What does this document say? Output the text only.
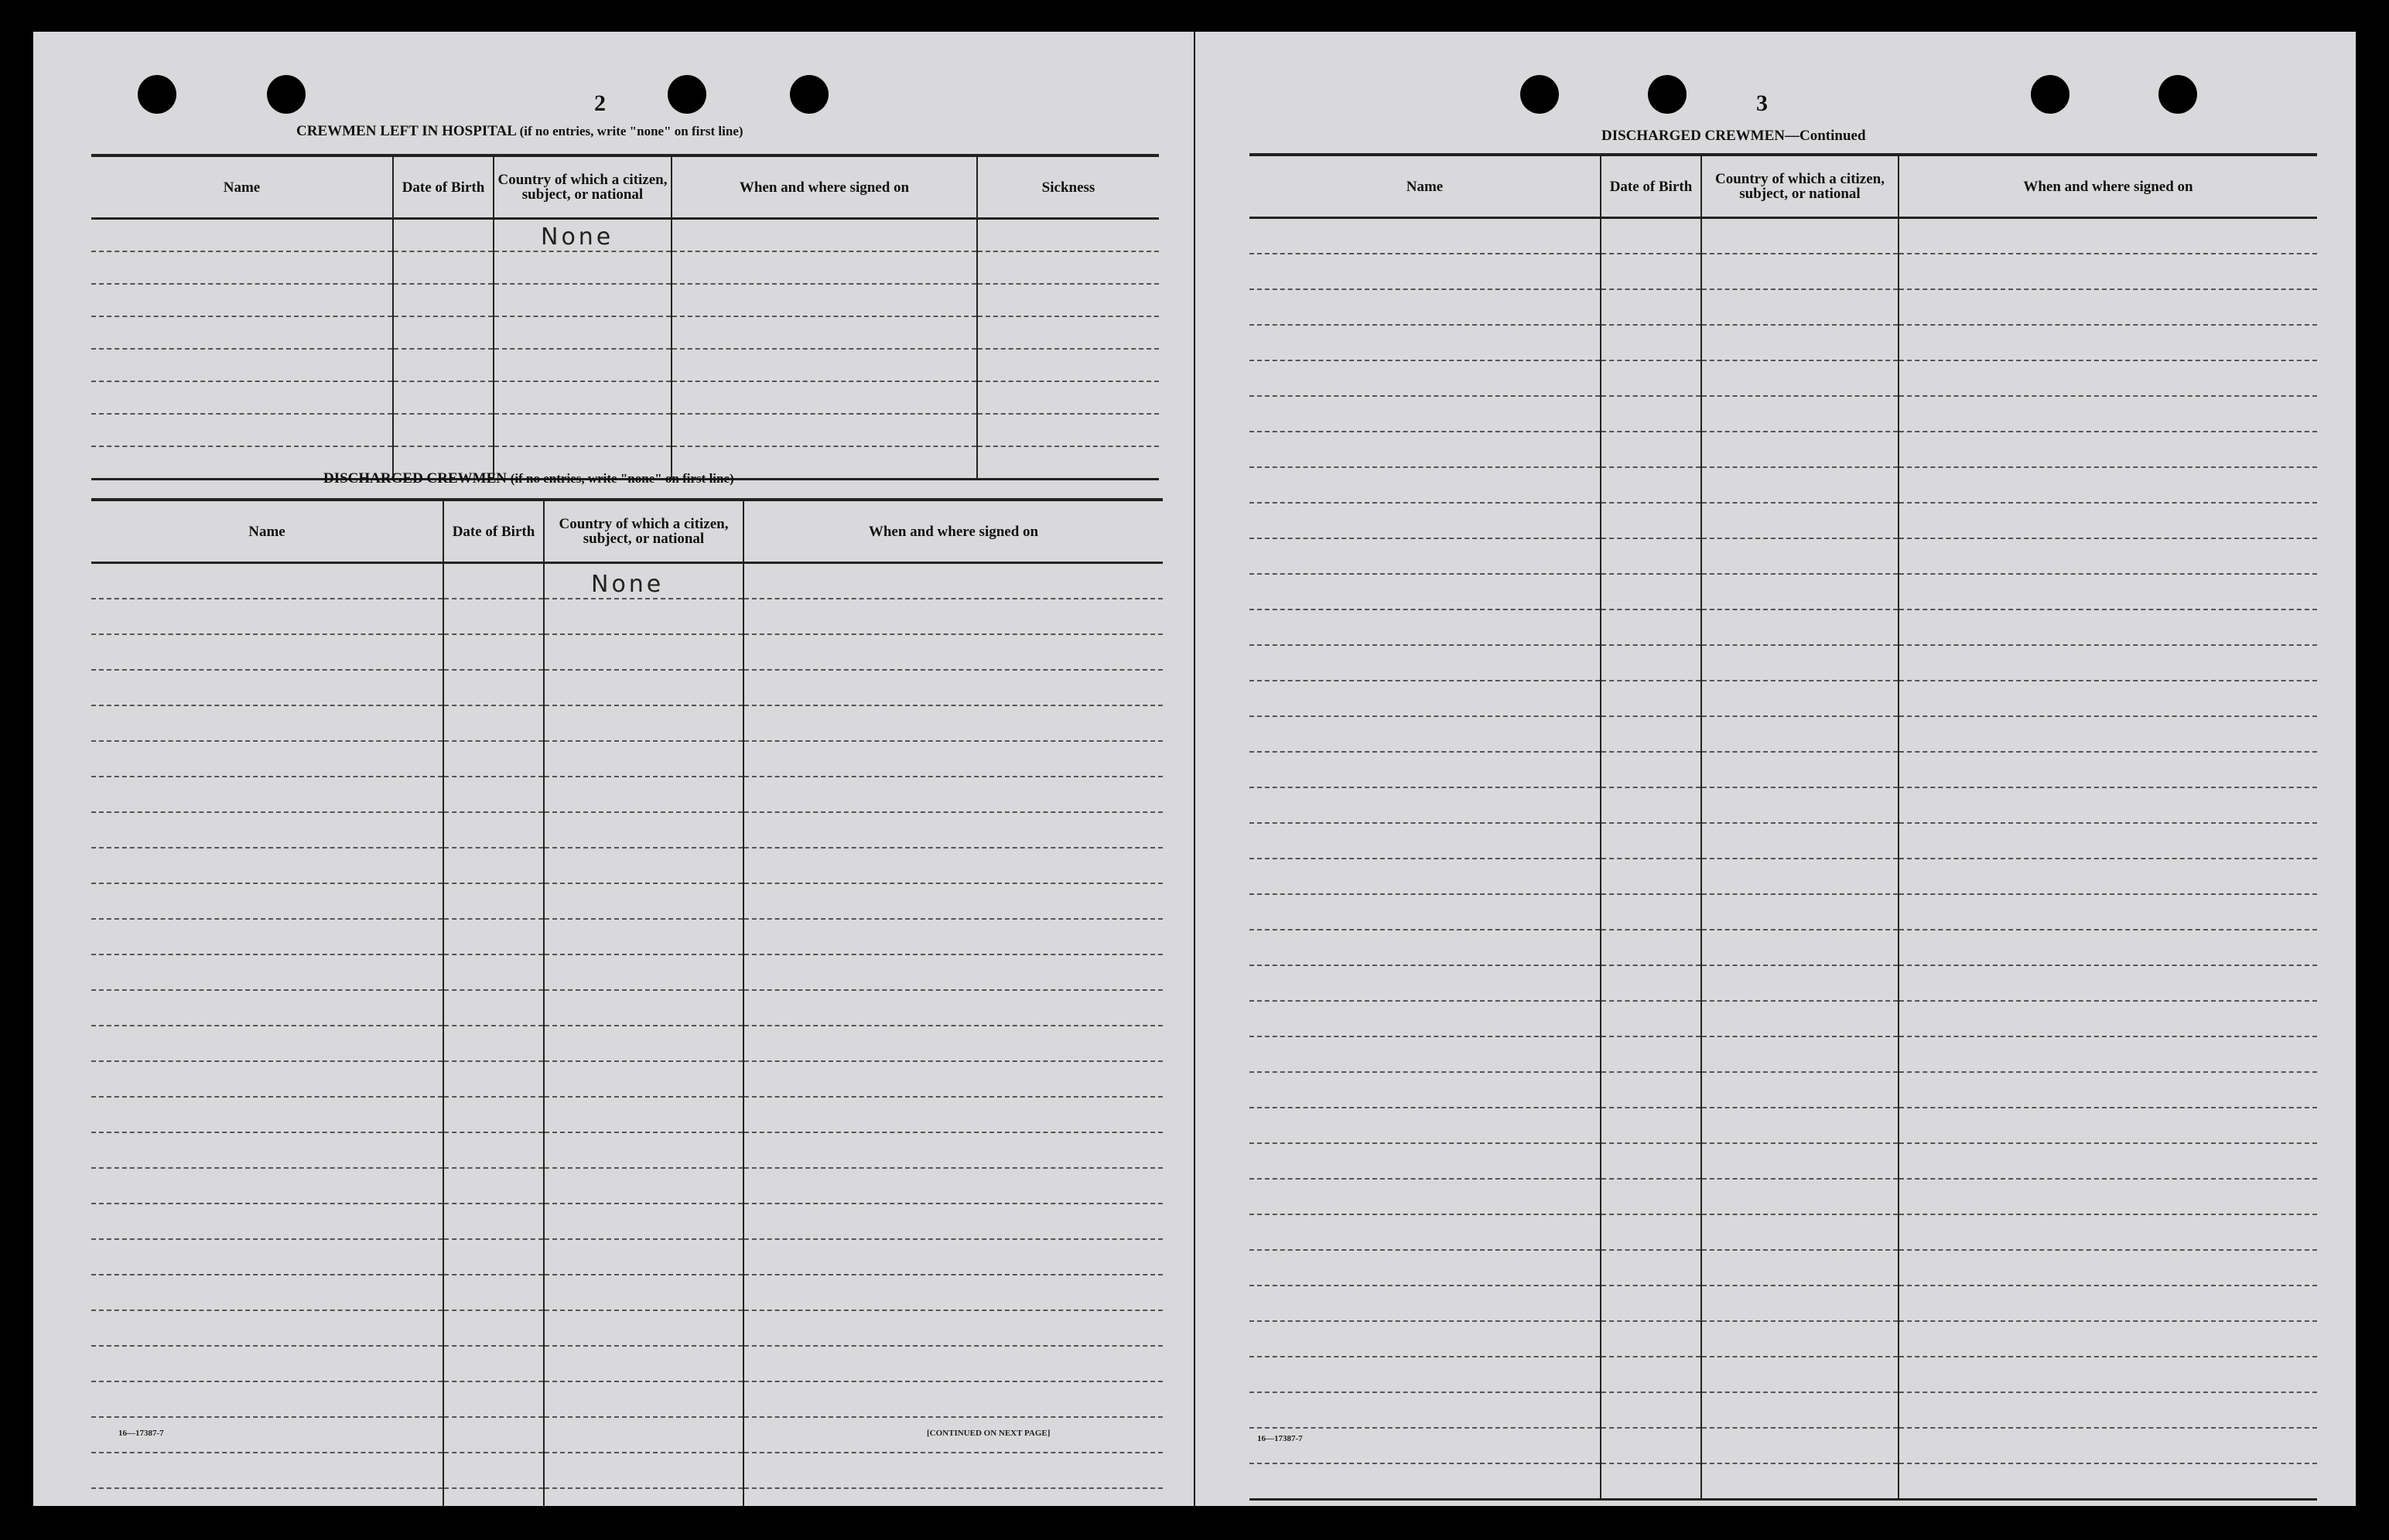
2
CREWMEN LEFT IN HOSPITAL (if no entries, write "none" on first line)
Name	Date of Birth	Country of which a citizen, subject, or national	When and where signed on	Sickness
		None		

DISCHARGED CREWMEN (if no entries, write "none" on first line)
Name	Date of Birth	Country of which a citizen, subject, or national	When and where signed on
		None	

16—17387-7	[CONTINUED ON NEXT PAGE]
3
DISCHARGED CREWMEN—Continued
Name	Date of Birth	Country of which a citizen, subject, or national	When and where signed on

16—17387-7
